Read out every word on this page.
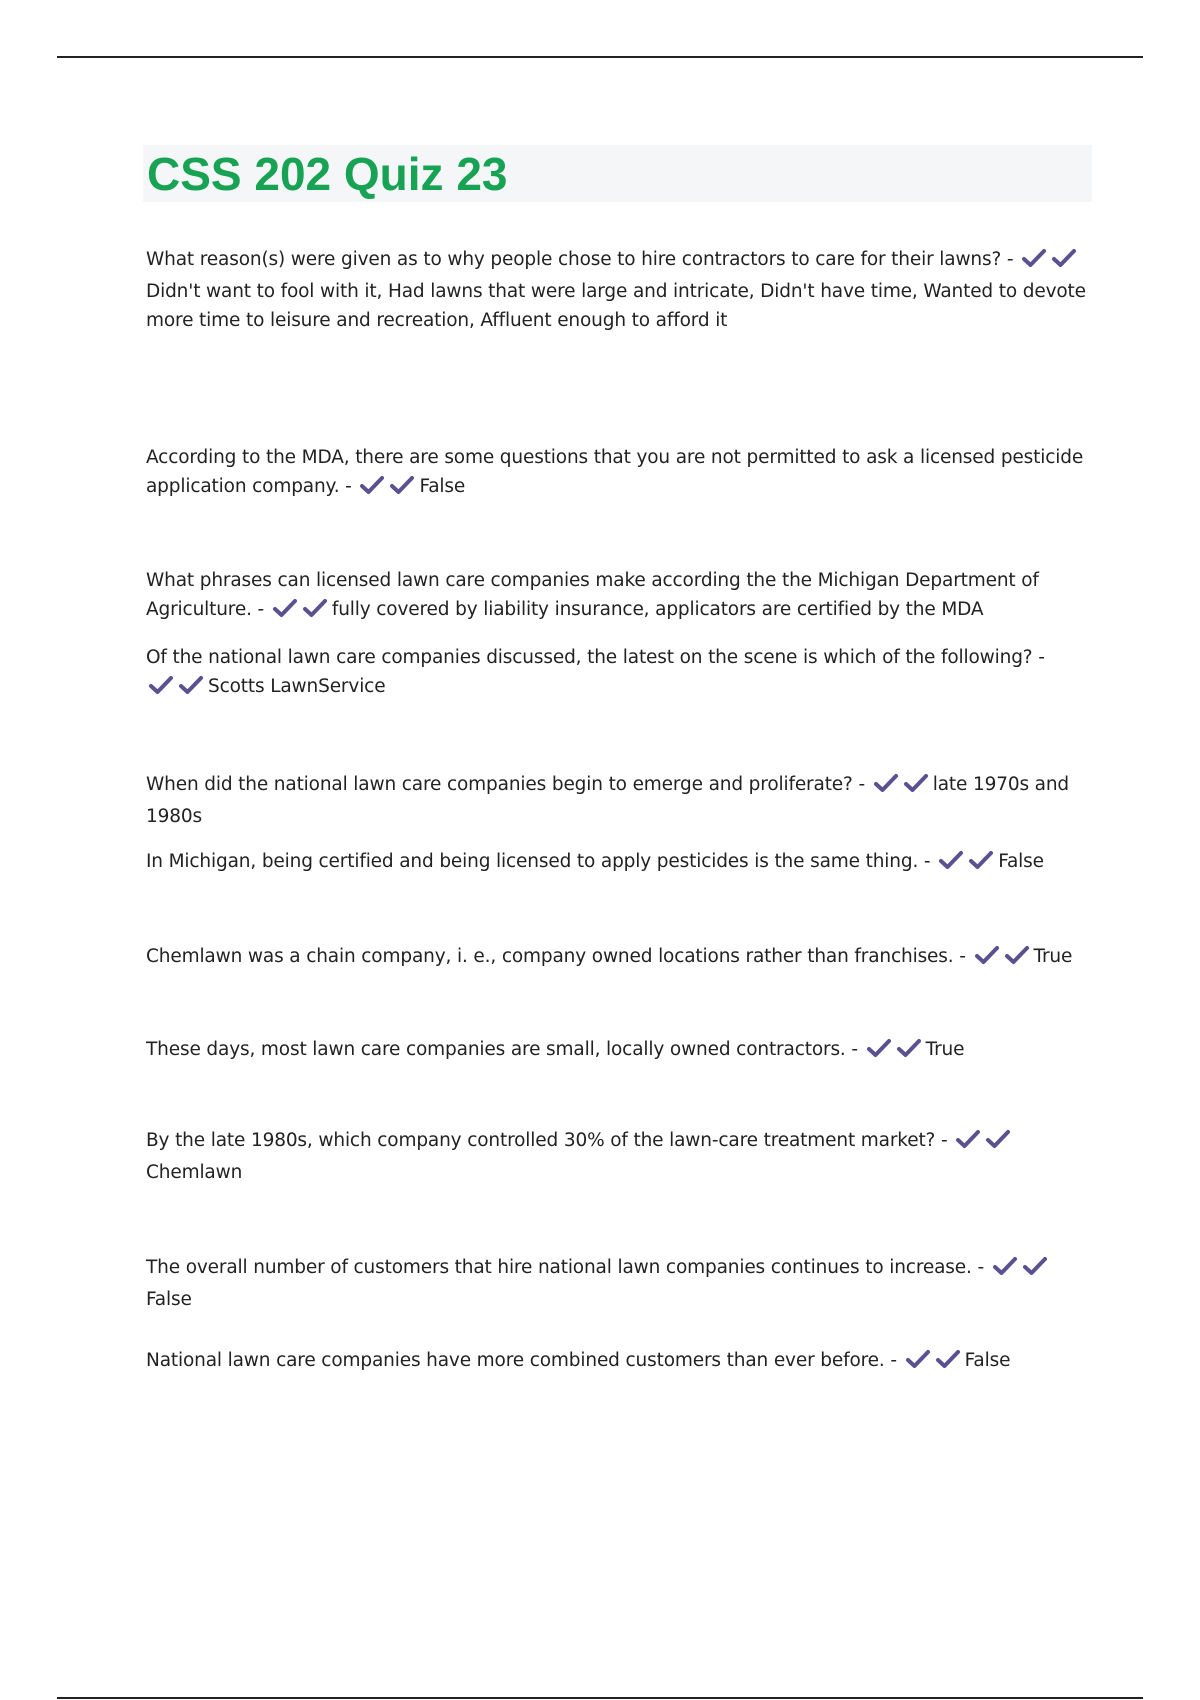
CSS 202 Quiz 23

What reason(s) were given as to why people chose to hire contractors to care for their lawns? - Didn't want to fool with it, Had lawns that were large and intricate, Didn't have time, Wanted to devote more time to leisure and recreation, Affluent enough to afford it

According to the MDA, there are some questions that you are not permitted to ask a licensed pesticide application company. -	False

What phrases can licensed lawn care companies make according the the Michigan Department of Agriculture. -	fully covered by liability insurance, applicators are certified by the MDA

Of the national lawn care companies discussed, the latest on the scene is which of the following? - Scotts LawnService

When did the national lawn care companies begin to emerge and proliferate? -	late 1970s and 1980s

In Michigan, being certified and being licensed to apply pesticides is the same thing. -	False

Chemlawn was a chain company, i. e., company owned locations rather than franchises. -	True

These days, most lawn care companies are small, locally owned contractors. -	True

By the late 1980s, which company controlled 30% of the lawn-care treatment market? - Chemlawn

The overall number of customers that hire national lawn companies continues to increase. - False

National lawn care companies have more combined customers than ever before. -	False
